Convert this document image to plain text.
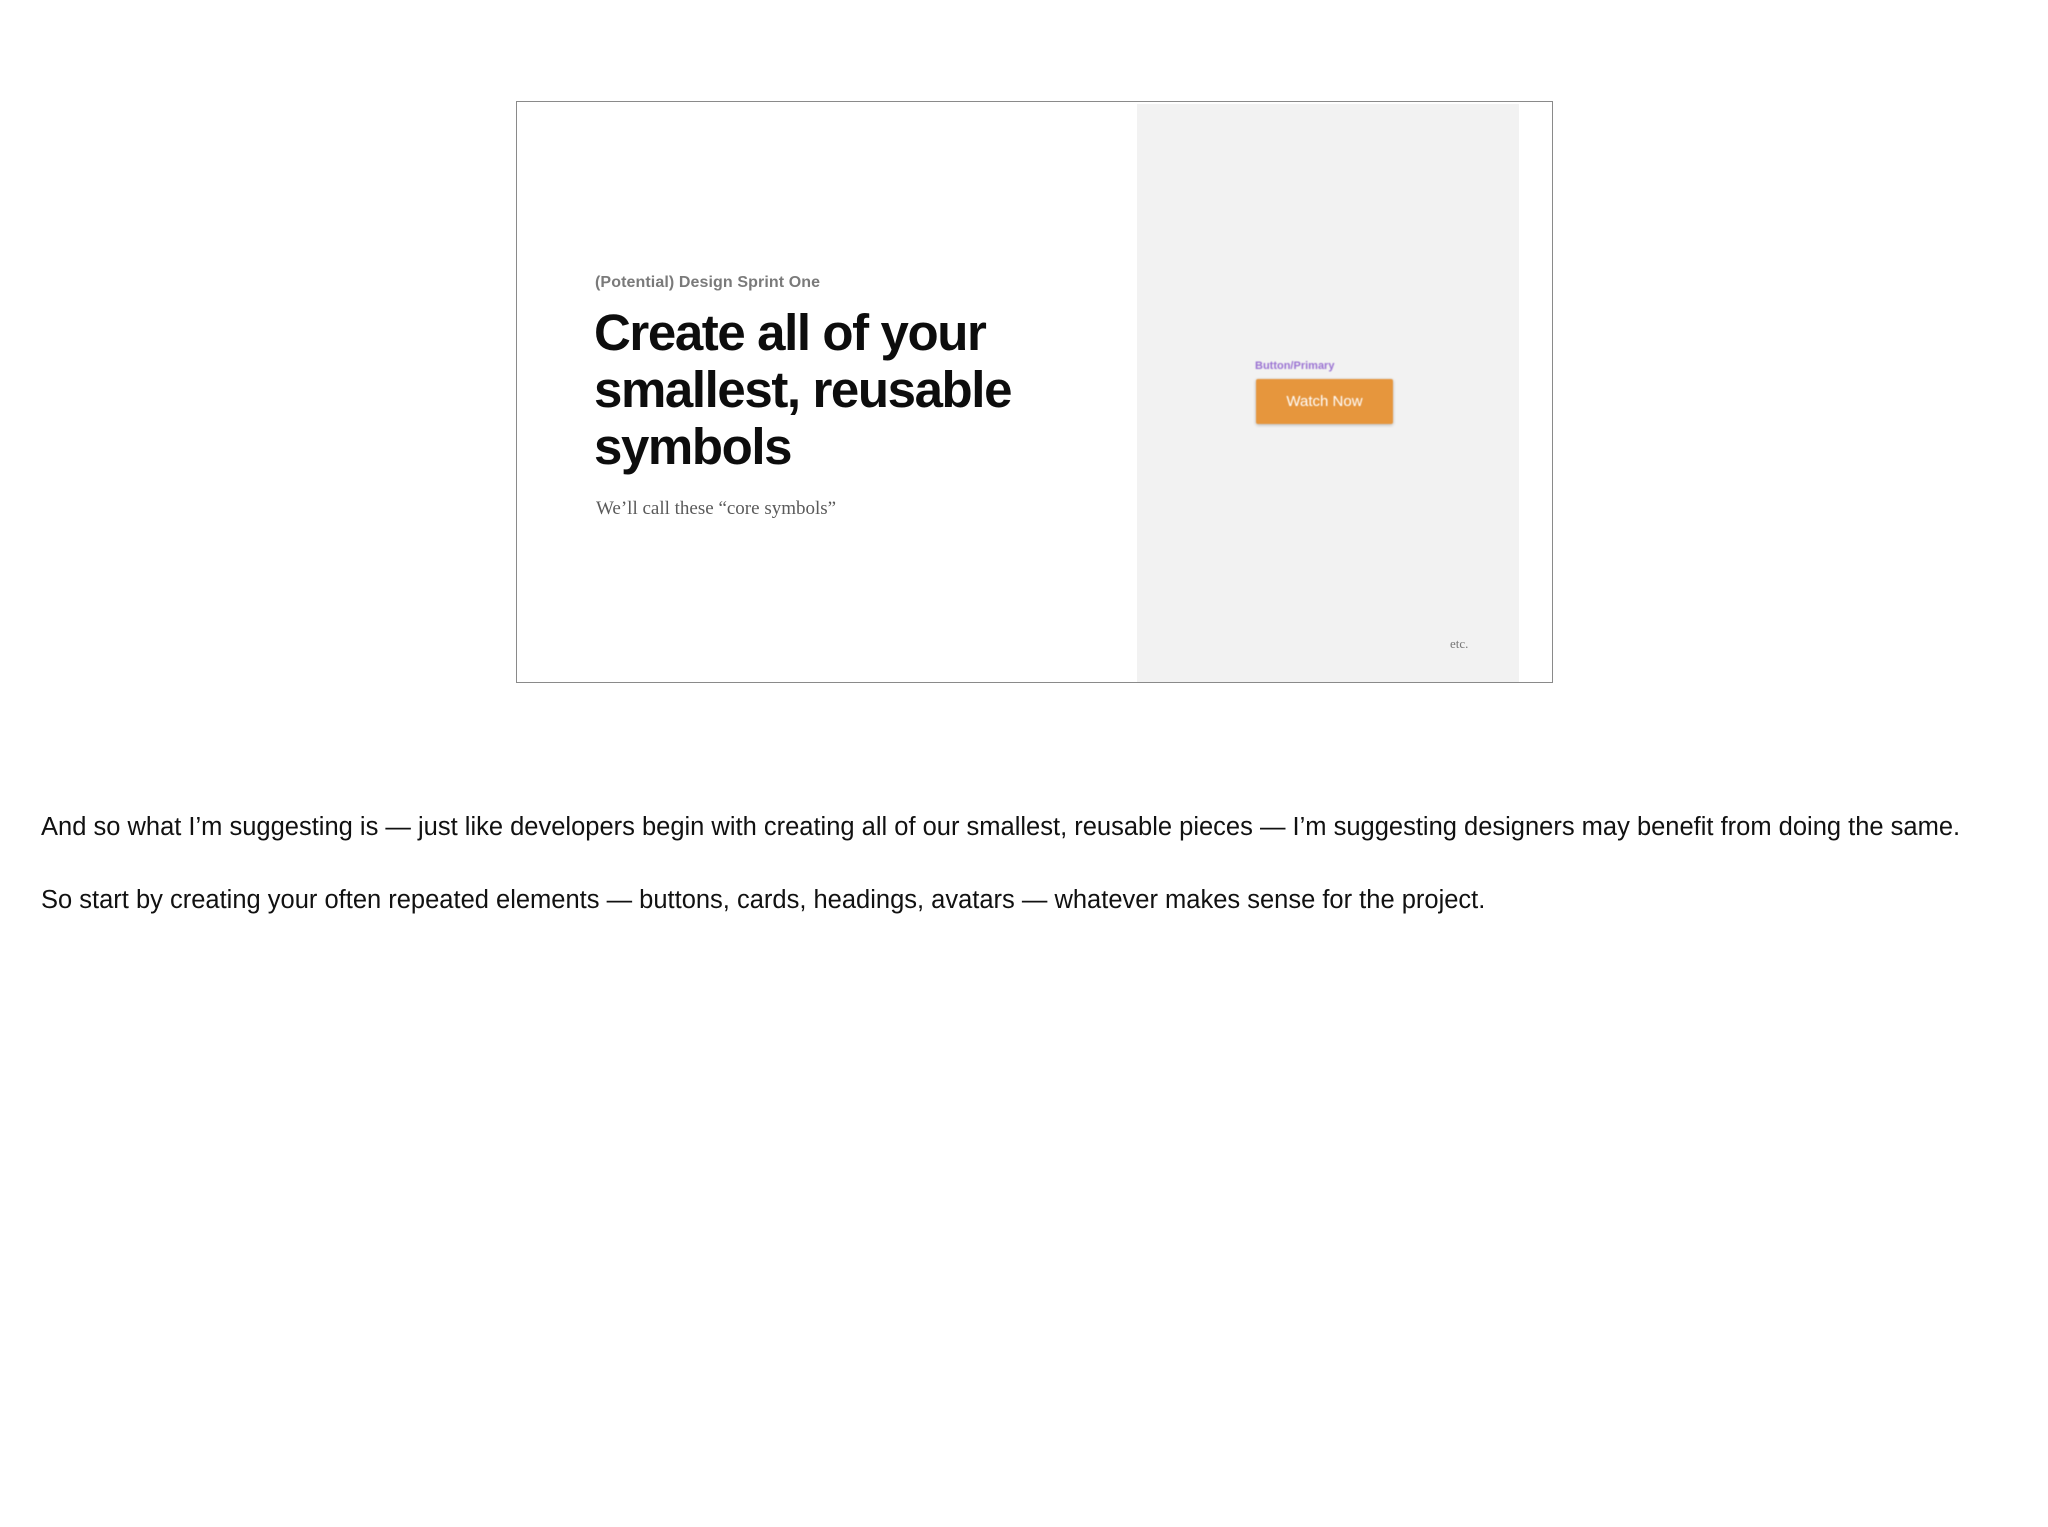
(Potential) Design Sprint One
Create all of your smallest, reusable symbols
We’ll call these “core symbols”
Button/Primary
Watch Now
etc.

And so what I’m suggesting is — just like developers begin with creating all of our smallest, reusable pieces — I’m suggesting designers may benefit from doing the same.

So start by creating your often repeated elements — buttons, cards, headings, avatars — whatever makes sense for the project.
